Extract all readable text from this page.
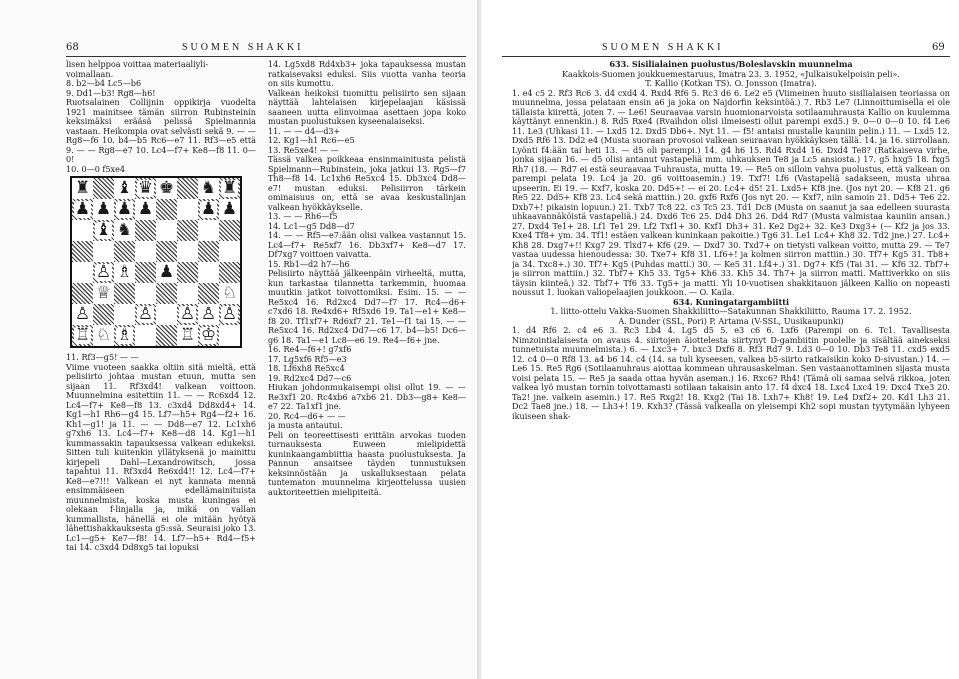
68	SUOMEN SHAKKI

lisen helppoa voittaa materiaaliyli-

voimallaan.

8. b2—b4 Lc5—b6

9. Dd1—b3! Rg8—h6!

Ruotsalainen Collijnin oppikirja vuodelta 1921 mainitsee tämän siirron Rubinsteinin keksimäksi erääsä pelissä Spielmannia vastaan. Heikompia ovat selvästi sekä 9. — — Rg8—f6 10. b4—b5 Rc6—e7 11. Rf3—e5 että 9. — — Rg8—e7 10. Lc4—f7+ Ke8—f8 11. 0—0!

10. 0—0 f5xe4

♜ ♝ ♛ ♚ ♞ ♜
♟ ♟ ♟ ♟	♟ ♟
♝ ♞
♙ ♗ ♟
♕	♘
♙	♙ ♙ ♙ ♙
♖ ♘ ♗	♖ ♔

11. Rf3—g5! — —

Viime vuoteen saakka oltiin sitä mieltä, että pelisiirto johtaa mustan etuun, mutta sen sijaan 11. Rf3xd4! valkean voittoon. Muunnelmina esitettiin 11. — — Rc6xd4 12. Lc4—f7+ Ke8—f8 13. c3xd4 Dd8xd4+ 14. Kg1—h1 Rh6—g4 15. Lf7—h5+ Rg4—f2+ 16. Kh1—g1! ja 11. — — Dd8—e7 12. Lc1xh6 g7xh6 13. Lc4—f7+ Ke8—d8 14. Kg1—h1 kummassakin tapauksessa valkean edukeksi. Sitten tuli kuitenkin yllätyksenä jo mainittu kirjepeli Dahl—Lexandrowitsch, jossa tapahtui 11. Rf3xd4 Re6xd4!! 12. Lc4—f7+ Ke8—e7!!! Valkean ei nyt kannata mennä ensimmäiseen edellämainituista muunnelmista, koska musta kuningas ei olekaan f-linjalla ja, mikä on vallan kummallista, hänellä ei ole mitään hyötyä lähettishakkauksesta g5:ssä. Seuraisi joko 13. Lc1—g5+ Ke7—f8! 14. Lf7—h5+ Rd4—f5+ tai 14. c3xd4 Dd8xg5 tai lopuksi

14. Lg5xd8 Rd4xb3+ joka tapauksessa mustan ratkaisevaksi eduksi. Siis vuotta vanha teoria on siis kumottu.

Valkean heikoksi tuomittu pelisiirto sen sijaan näyttää lahtelaisen kirjepelaajan käsissä saaneen uutta elinvoimaa asettaen jopa koko mustan puolustuksen kyseenalaiseksi.

11. — — d4—d3+

12. Kg1—h1 Rc6—e5

13. Re5xe4! — —

Tässä valkea poikkeaa ensinmainitusta pelistä Spielmann—Rubinstein, joka jatkui 13. Rg5—f7 Th8—f8 14. Lc1xh6 Re5xc4 15. Db3xc4 Dd8—e7! mustan eduksi. Pelisiirron tärkein ominaisuus on, että se avaa keskustalinjan valkean hyökkäykselle.

13. — — Rh6—f5

14. Lc1—g5 Dd8—d7

14. — — Rf5—e7:ään olisi valkea vastannut 15. Lc4—f7+ Re5xf7 16. Db3xf7+ Ke8—d7 17. Df7xg7 voittoen vaivatta.

15. Rb1—d2 h7—h6

Pelisiirto näyttää jälkeenpäin virheeltä, mutta, kun tarkastaa tilannetta tarkemmin, huomaa muutkin jatkot toivottomiksi. Esim. 15. — — Re5xc4 16. Rd2xc4 Dd7—f7 17. Rc4—d6+ c7xd6 18. Re4xd6+ Rf5xd6 19. Ta1—e1+ Ke8—f8 20. Tf1xf7+ Rd6xf7 21. Te1—f1 tai 15. — — Re5xc4 16. Rd2xc4 Dd7—c6 17. b4—b5! Dc6—g6 18. Ta1—e1 Lc8—e6 19. Re4—f6+ jne.

16. Re4—f6+! g7xf6

17. Lg5xf6 Rf5—e3

18. Lf6xh8 Re5xc4

19. Rd2xc4 Dd7—c6

Hiukan johdonmukaisempi olisi ollut 19. — — Re3xf1 20. Rc4xb6 a7xb6 21. Db3—g8+ Ke8—e7 22. Ta1xf1 jne.

20. Rc4—d6+ — —

ja musta antautui.

Peli on teoreettisesti erittäin arvokas tuoden turnauksesta Euween mielipidettä kuninkaangambiittia haasta puolustuksesta. Ja Pannun ansaitsee täyden tunnustuksen keksinnöstään ja uskalluksestaan pelata tuntematon muunnelma kirjeottelussa uusien auktoriteettien mielipiteitä.

SUOMEN SHAKKI	69

633. Sisilialainen puolustus/Boleslavskin muunnelma

Kaakkois-Suomen joukkuemestaruus, Imatra 23. 3. 1952, «Julkaisukelpoisin peli».

T. Kallio (Kotkan TS). O. Jonsson (Imatra).

1. e4 c5 2. Rf3 Rc6 3. d4 cxd4 4. Rxd4 Rf6 5. Rc3 d6 6. Le2 e5 (Viimeinen huuto sisilialaisen teoriassa on muunnelma, jossa pelataan ensin a6 ja joka on Najdorfin keksintöä.) 7. Rb3 Le7 (Linnoittumisella ei ole tällaista kiirettä, joten 7. — Le6! Seuraavaa varsin huomionarvoista sotilaanuhrausta Kallio on kuulemma käyttänyt ennenkin.) 8. Rd5 Rxe4 (Rvaihdon olisi ilmeisesti ollut parempi exd5.) 9. 0—0 0—0 10. f4 Le6 11. Le3 (Uhkasi 11. — Lxd5 12. Dxd5 Db6+. Nyt 11. — f5! antaisi mustalle kauniin pelin.) 11. — Lxd5 12. Dxd5 Rf6 13. Dd2 e4 (Musta suoraan provosoi valkean seuraavan hyökkäyksen tällä. 14. ja 16. siirrollaan. Lyönti f4:ään tai heti 13. — d5 oli parempi.) 14. g4 h6 15. Rd4 Rxd4 16. Dxd4 Te8? (Ratkaiseva virhe, jonka sijaan 16. — d5 olisi antanut vastapeliä mm. uhkauksen Te8 ja Lc5 ansiosta.) 17. g5 hxg5 18. fxg5 Rh7 (18. — Rd7 ei estä seuraavaa T-uhrausta, mutta 19. — Re5 on silloin vahva puolustus, että valkean on parempi pelata 19. Lc4 ja 20. g6 voittoasemin.) 19. Txf7! Lf6 (Vastapeliä sadakseen, musta uhraa upseerin. Ei 19. — Kxf7, koska 20. Dd5+! — ei 20. Lc4+ d5! 21. Lxd5+ Kf8 jne. (Jos nyt 20. — Kf8 21. g6 Re5 22. Dd5+ Kf8 23. Lc4 sekä mattiin.) 20. gxf6 Rxf6 (Jos nyt 20. — Kxf7, niin samoin 21. Dd5+ Te6 22. Dxb7+! pikaisin lopuun.) 21. Txb7 Tc8 22. c3 Tc5 23. Td1 Dc8 (Musta on saanut ja saa edelleen suurasta uhkaavannäköistä vastapeliä.) 24. Dxd6 Tc6 25. Dd4 Dh3 26. Dd4 Rd7 (Musta valmistaa kauniin ansan.) 27. Dxd4 Te1+ 28. Lf1 Te1 29. Lf2 Txf1+ 30. Kxf1 Dh3+ 31. Ke2 Dg2+ 32. Ke3 Dxg3+ (— Kf2 ja jos 33. Kxe4 Tf8+ ym. 34. Tf1! estäen valkean kuninkaan pakoitie.) Tg6 31. Le1 Lc4+ Kh8 32. Td2 jne.) 27. Lc4+ Kh8 28. Dxg7+!! Kxg7 29. Tlxd7+ Kf6 (29. — Dxd7 30. Txd7+ on tietysti valkean voitto, mutta 29. — Te7 vastaa uudessa hienoudessa: 30. Txe7+ Kf8 31. Lf6+! ja kolmen siirron mattiin.) 30. Tf7+ Kg5 31. Tb8+ ja 34. Txc8+.) 30. Tf7+ Kg5 (Puhdas matti.) 30. — Ke5 31. Lf4+.) 31. Dg7+ Kf5 (Tai 31. — Kf6 32. Tbf7+ ja siirron mattiin.) 32. Tbf7+ Kh5 33. Tg5+ Kh6 33. Kh5 34. Th7+ ja siirron matti. Mattiverkko on siis täysin kiinteä.) 32. Tbf7+ Tf6 33. Tg5+ ja matti. Yli 10-vuotisen shakkitauon jälkeen Kallio on nopeasti noussut 1. luokan valiopelaajien joukkoon. — O. Kaila.

634. Kuningatargambiitti

1. liitto-ottelu Vakka-Suomen Shakkiliitto—Satakunnan Shakkiliitto, Rauma 17. 2. 1952.

A. Dunder (SSL, Pori) P. Artama (V-SSL, Uusikaupunki)

1. d4 Rf6 2. c4 e6 3. Rc3 Lb4 4. Lg5 d5 5. e3 c6 6. Lxf6 (Parempi on 6. Tc1. Tavallisesta Nimzointialaisesta on avaus 4. siirtojen äiottelesta siirtynyt D-gambiitin puolelle ja sisältää ainekseksi tunnetuista muunnelmista.) 6. — Lxc3+ 7. bxc3 Dxf6 8. Rf3 Rd7 9. Ld3 0—0 10. Db3 Te8 11. cxd5 exd5 12. c4 0—0 Rf8 13. a4 b6 14. c4 (14. sa tuli kyseesen, valkea b5-siirto ratkaisikin koko D-sivustan.) 14. — Le6 15. Re5 Rg6 (Sotilaanuhraus aiottaa kommean uhrausaskelman. Sen vastaanottaminen sijasta musta voisi pelata 15. — Re5 ja saada ottaa hyvän aseman.) 16. Rxc6? Rh4! (Tämä oli samaa selvä rikkoa, joten valkea lyö mustan tornin toivottamasti sotilaan takaisin anto 17. f4 dxc4 18. Lxc4 Lxc4 19. Dxc4 Txe3 20. Ta2! jne. valkein asemin.) 17. Re5 Rxg2! 18. Kxg2 (Tai 18. Lxh7+ Kh8! 19. Le4 Dxf2+ 20. Kd1 Lh3 21. Dc2 Tae8 jne.) 18. — Lh3+! 19. Kxh3? (Tässä valkealla on yleisempi Kh2 sopi mustan tyytymään lyhyeen ikuiseen shak-
